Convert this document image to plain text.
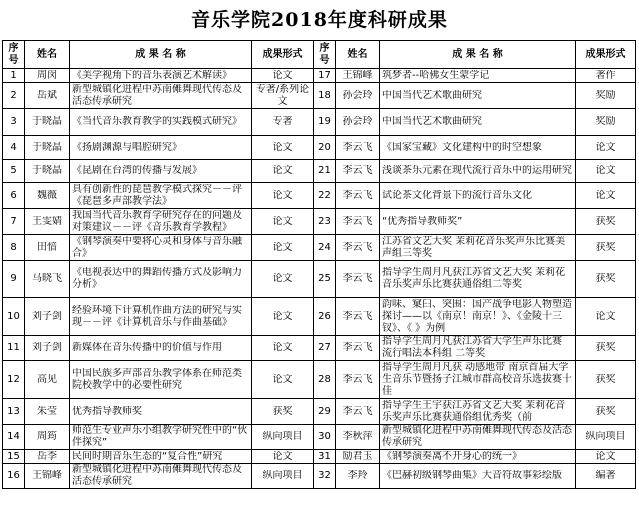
音乐学院2018年度科研成果
序号	姓名	成 果 名 称	成果形式	序号	姓名	成 果 名 称	成果形式

1	周闵	《美学视角下的音乐表演艺术解读》	论文	17	王锦峰	筑梦者--哈佛女生蒙学记	著作

2	岳斌	新型城镇化进程中苏南傩舞现代传态及活态传承研究	专著/系列论文	18	孙会玲	中国当代艺术歌曲研究	奖励

3	于晓晶	《当代音乐教育教学的实践模式研究》	专著	19	孙会玲	中国当代艺术歌曲研究	奖励

4	于晓晶	《扬剧渊源与唱腔研究》	论文	20	李云飞	《国家宝藏》文化建构中的时空想象	论文

5	于晓晶	《昆剧在台湾的传播与发展》	论文	21	李云飞	浅谈茶乐元素在现代流行音乐中的运用研究	论文

6	魏薇	具有创新性的琵琶教学模式探究－－评《琵琶多声部教学法》	论文	22	李云飞	试论茶文化背景下的流行音乐文化	论文

7	王雯婧	我国当代音乐教育学研究存在的问题及对策建议－－评《音乐教育学教程》	论文	23	李云飞	“优秀指导教师奖”	获奖

8	田愔	《钢琴演奏中要将心灵和身体与音乐融合》	论文	24	李云飞	江苏省文艺大奖 茉莉花音乐奖声乐比赛美声组三等奖	获奖

9	马晓飞	《电视表达中的舞蹈传播方式及影响力分析》	论文	25	李云飞	指导学生周月凡获江苏省文艺大奖 茉莉花音乐奖声乐比赛获通俗组二等奖	获奖

10	刘子剑	经验环境下计算机作曲方法的研究与实现－－评《计算机音乐与作曲基础》	论文	26	李云飞	韵味、窠臼、突围：国产战争电影人物塑造探讨——以《南京！南京！》、《金陵十三钗》、《 》为例	论文

11	刘子剑	新媒体在音乐传播中的价值与作用	论文	27	李云飞	指导学生周月凡获江苏省大学生声乐比赛 流行唱法本科组 二等奖	获奖

12	高见	中国民族多声部音乐教学体系在师范类院校教学中的必要性研究	论文	28	李云飞	指导学生周月凡获 动感地带 南京首届大学生音乐节暨扬子江城市群高校音乐选拔赛十佳	获奖

13	朱莹	优秀指导教师奖	获奖	29	李云飞	指导学生王宇获江苏省文艺大奖 茉莉花音乐奖声乐比赛获通俗组优秀奖（前	获奖

14	周筠	师范生专业声乐小组教学研究性中的“伙伴探究”	纵向项目	30	李秋萍	新型城镇化进程中苏南傩舞现代传态及活态传承研究	纵向项目

15	岳李	民间时期音乐生态的“复合性”研究	论文	31	励君玉	《钢琴演奏离不开身心的统一》	论文

16	王锦峰	新型城镇化进程中苏南傩舞现代传态及活态传承研究	纵向项目	32	李羚	《巴赫初级钢琴曲集》大音符故事彩绘版	编著
